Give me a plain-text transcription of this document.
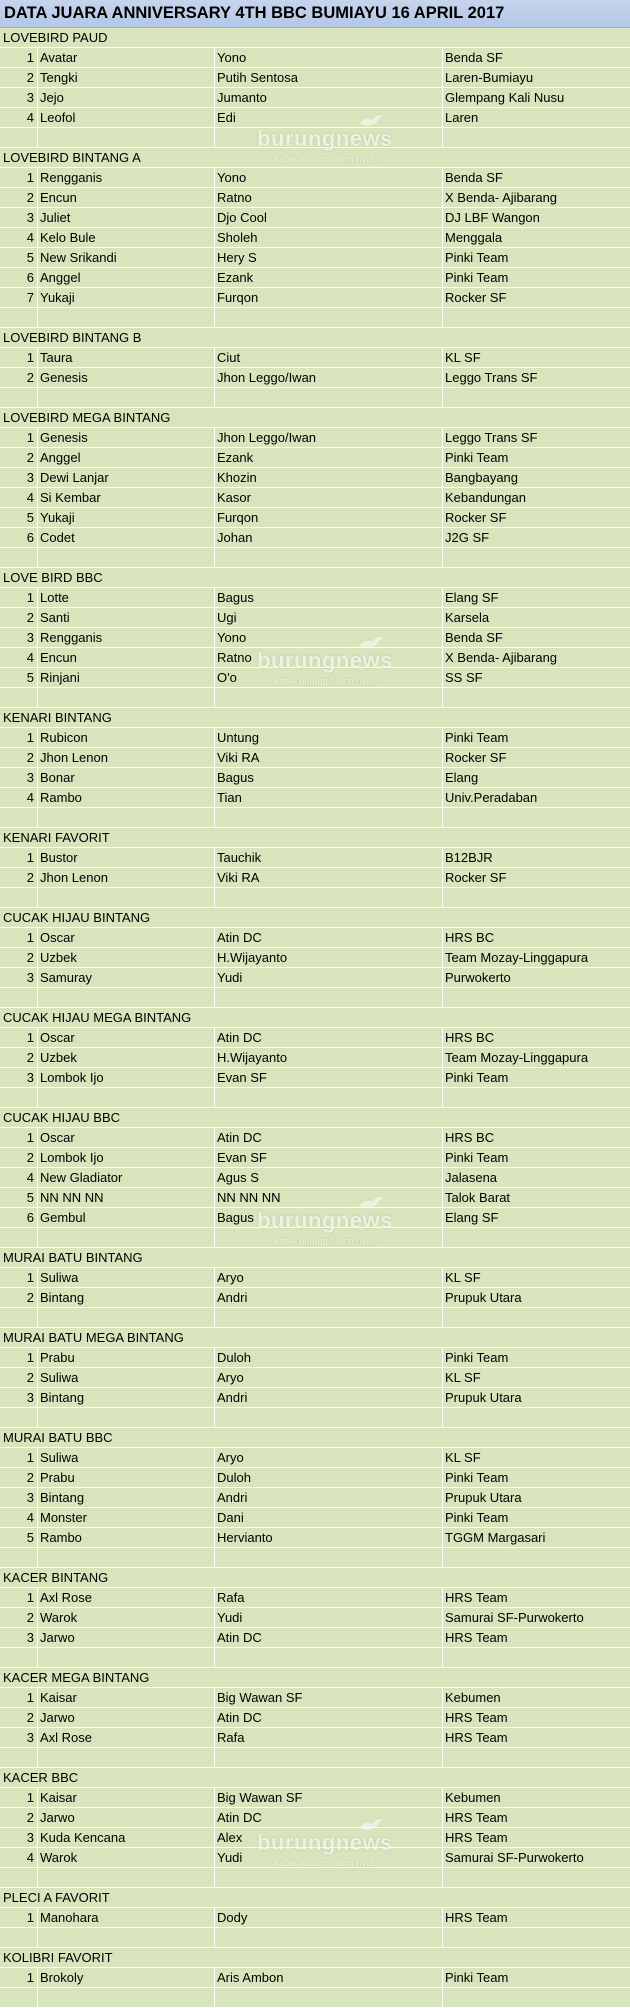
DATA JUARA ANNIVERSARY 4TH BBC BUMIAYU 16 APRIL 2017
LOVEBIRD PAUD
1 Avatar	Yono	Benda SF
2 Tengki	Putih Sentosa	Laren-Bumiayu
3 Jejo	Jumanto	Glempang Kali Nusu
4 Leofol	Edi	Laren
LOVEBIRD BINTANG A
1 Rengganis	Yono	Benda SF
2 Encun	Ratno	X Benda- Ajibarang
3 Juliet	Djo Cool	DJ LBF Wangon
4 Kelo Bule	Sholeh	Menggala
5 New Srikandi	Hery S	Pinki Team
6 Anggel	Ezank	Pinki Team
7 Yukaji	Furqon	Rocker SF
LOVEBIRD BINTANG B
1 Taura	Ciut	KL SF
2 Genesis	Jhon Leggo/Iwan	Leggo Trans SF
LOVEBIRD MEGA BINTANG
1 Genesis	Jhon Leggo/Iwan	Leggo Trans SF
2 Anggel	Ezank	Pinki Team
3 Dewi Lanjar	Khozin	Bangbayang
4 Si Kembar	Kasor	Kebandungan
5 Yukaji	Furqon	Rocker SF
6 Codet	Johan	J2G SF
LOVE BIRD BBC
1 Lotte	Bagus	Elang SF
2 Santi	Ugi	Karsela
3 Rengganis	Yono	Benda SF
4 Encun	Ratno	X Benda- Ajibarang
5 Rinjani	O'o	SS SF
KENARI BINTANG
1 Rubicon	Untung	Pinki Team
2 Jhon Lenon	Viki RA	Rocker SF
3 Bonar	Bagus	Elang
4 Rambo	Tian	Univ.Peradaban
KENARI FAVORIT
1 Bustor	Tauchik	B12BJR
2 Jhon Lenon	Viki RA	Rocker SF
CUCAK HIJAU BINTANG
1 Oscar	Atin DC	HRS BC
2 Uzbek	H.Wijayanto	Team Mozay-Linggapura
3 Samuray	Yudi	Purwokerto
CUCAK HIJAU MEGA BINTANG
1 Oscar	Atin DC	HRS BC
2 Uzbek	H.Wijayanto	Team Mozay-Linggapura
3 Lombok Ijo	Evan SF	Pinki Team
CUCAK HIJAU BBC
1 Oscar	Atin DC	HRS BC
2 Lombok Ijo	Evan SF	Pinki Team
4 New Gladiator	Agus S	Jalasena
5 NN NN NN	NN NN NN	Talok Barat
6 Gembul	Bagus	Elang SF
MURAI BATU BINTANG
1 Suliwa	Aryo	KL SF
2 Bintang	Andri	Prupuk Utara
MURAI BATU MEGA BINTANG
1 Prabu	Duloh	Pinki Team
2 Suliwa	Aryo	KL SF
3 Bintang	Andri	Prupuk Utara
MURAI BATU BBC
1 Suliwa	Aryo	KL SF
2 Prabu	Duloh	Pinki Team
3 Bintang	Andri	Prupuk Utara
4 Monster	Dani	Pinki Team
5 Rambo	Hervianto	TGGM Margasari
KACER BINTANG
1 Axl Rose	Rafa	HRS Team
2 Warok	Yudi	Samurai SF-Purwokerto
3 Jarwo	Atin DC	HRS Team
KACER MEGA BINTANG
1 Kaisar	Big Wawan SF	Kebumen
2 Jarwo	Atin DC	HRS Team
3 Axl Rose	Rafa	HRS Team
KACER BBC
1 Kaisar	Big Wawan SF	Kebumen
2 Jarwo	Atin DC	HRS Team
3 Kuda Kencana	Alex	HRS Team
4 Warok	Yudi	Samurai SF-Purwokerto
PLECI A FAVORIT
1 Manohara	Dody	HRS Team
KOLIBRI FAVORIT
1 Brokoly	Aris Ambon	Pinki Team
burungnews
kabar burung paling nyus
burungnews
kabar burung paling nyus
burungnews
kabar burung paling nyus
burungnews
kabar burung paling nyus
